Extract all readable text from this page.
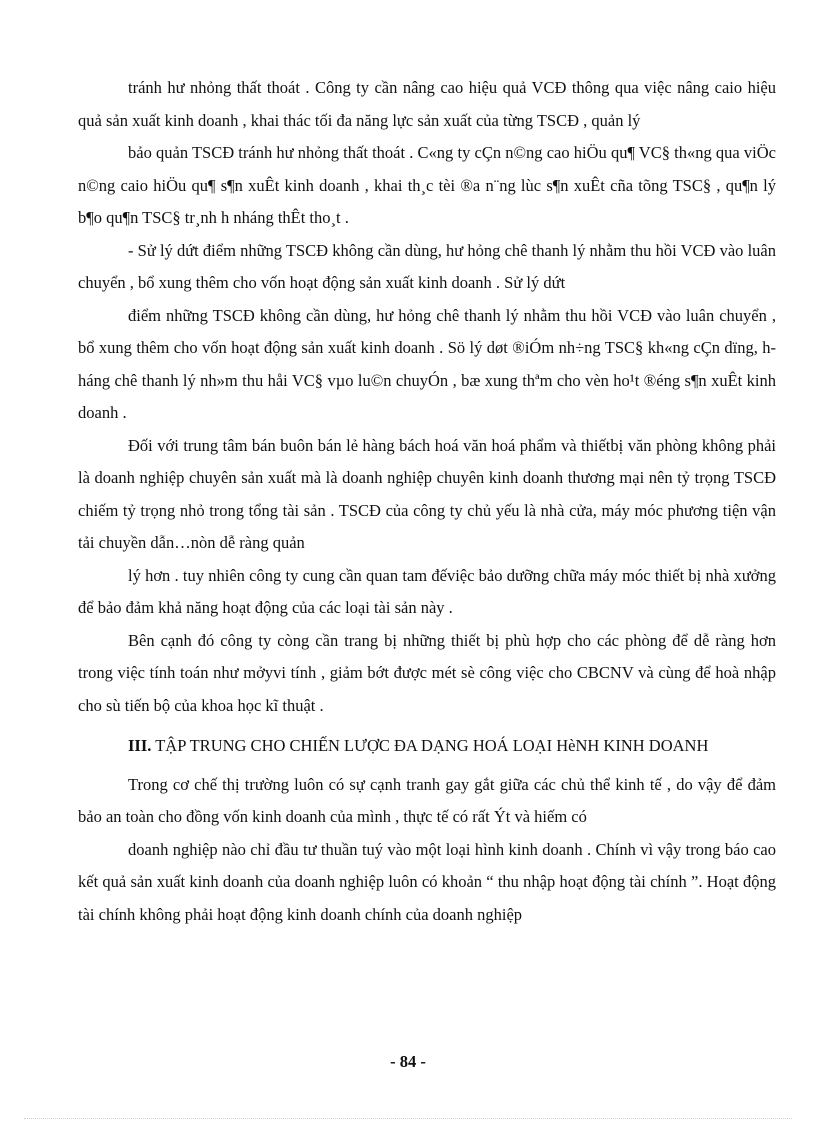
tránh hư nhỏng thất thoát . Công ty cần nâng cao hiệu quả VCĐ thông qua việc nâng caio hiệu quả sản xuất kinh doanh , khai thác tối đa năng lực sản xuất của từng TSCĐ , quản lý

bảo quản TSCĐ tránh hư nhỏng thất thoát . C«ng ty cÇn n©ng cao hiÖu qu¶ VC§ th«ng qua viÖc n©ng caio hiÖu qu¶ s¶n xuÊt kinh doanh , khai th¸c tèi ®a n¨ng lùc s¶n xuÊt cña tõng TSC§ , qu¶n lý b¶o qu¶n TSC§ tr¸nh h nháng thÊt tho¸t .

- Sử lý dứt điểm những TSCĐ không cần dùng, hư hỏng chê thanh lý nhằm thu hồi VCĐ vào luân chuyển , bổ xung thêm cho vốn hoạt động sản xuất kinh doanh . Sử lý dứt

điểm những TSCĐ không cần dùng, hư hỏng chê thanh lý nhằm thu hồi VCĐ vào luân chuyển , bổ xung thêm cho vốn hoạt động sản xuất kinh doanh . Sö lý døt ®iÓm nh÷ng TSC§ kh«ng cÇn dïng, h háng chê thanh lý nh»m thu håi VC§ vµo lu©n chuyÓn , bæ xung thªm cho vèn ho¹t ®éng s¶n xuÊt kinh doanh .

Đối với trung tâm bán buôn bán lẻ hàng bách hoá văn hoá phẩm và thiếtbị văn phòng không phải là doanh nghiệp chuyên sản xuất mà là doanh nghiệp chuyên kinh doanh thương mại nên tỷ trọng TSCĐ chiếm tỷ trọng nhỏ trong tổng tài sản . TSCĐ của công ty chủ yếu là nhà cửa, máy móc phương tiện vận tải chuyền dẫn…nòn dễ ràng quản

lý hơn . tuy nhiên công ty cung cần quan tam đếviệc bảo dưỡng chữa máy móc thiết bị nhà xưởng để bảo đảm khả năng hoạt động của các loại tài sản này .

Bên cạnh đó công ty còng cần trang bị những thiết bị phù hợp cho các phòng để dễ ràng hơn trong việc tính toán như mởyvi tính , giảm bớt được mét sè công việc cho CBCNV và cùng để hoà nhập cho sù tiến bộ của khoa học kĩ thuật .

III. TẬP TRUNG CHO CHIẾN LƯỢC ĐA DẠNG HOÁ LOẠI HèNH KINH DOANH

Trong cơ chế thị trường luôn có sự cạnh tranh gay gắt giữa các chủ thể kinh tế , do vậy để đảm bảo an toàn cho đồng vốn kinh doanh của mình , thực tế có rất Ýt và hiếm có

doanh nghiệp nào chỉ đầu tư thuần tuý vào một loại hình kinh doanh . Chính vì vậy trong báo cao kết quả sản xuất kinh doanh của doanh nghiệp luôn có khoản “ thu nhập hoạt động tài chính ”. Hoạt động tài chính không phải hoạt động kinh doanh chính của doanh nghiệp

- 84 -
